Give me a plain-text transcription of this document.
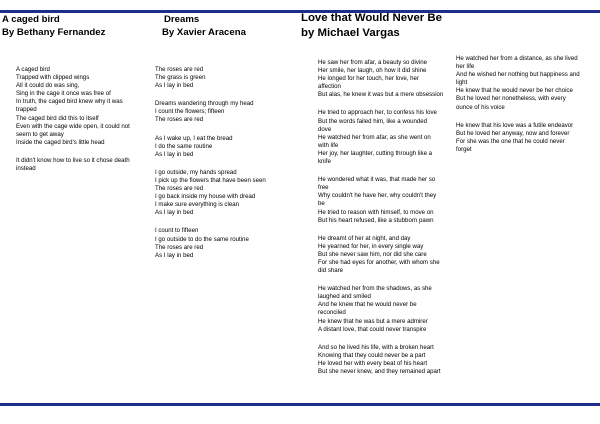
A caged bird
By Bethany Fernandez
A caged bird
Trapped with clipped wings
All it could do was sing,
Sing in the cage it once was free of
In truth, the caged bird knew why it was
trapped
The caged bird did this to itself
Even with the cage wide open, it could not
seem to get away
Inside the caged bird's little head
It didn't know how to live so it chose death
instead
Dreams
By Xavier Aracena
The roses are red
The grass is green
As I lay in bed
Dreams wandering through my head
I count the flowers; fifteen
The roses are red
As I wake up, I eat the bread
I do the same routine
As I lay in bed
I go outside, my hands spread
I pick up the flowers that have been seen
The roses are red
I go back inside my house with dread
I make sure everything is clean
As I lay in bed
I count to fifteen
I go outside to do the same routine
The roses are red
As I lay in bed
Love that Would Never Be
by Michael Vargas
He saw her from afar, a beauty so divine
Her smile, her laugh, oh how it did shine
He longed for her touch, her love, her
affection
But alas, he knew it was but a mere obsession
He tried to approach her, to confess his love
But the words failed him, like a wounded
dove
He watched her from afar, as she went on
with life
Her joy, her laughter, cutting through like a
knife
He wondered what it was, that made her so
free
Why couldn't he have her, why couldn't they
be
He tried to reason with himself, to move on
But his heart refused, like a stubborn pawn
He dreamt of her at night, and day
He yearned for her, in every single way
But she never saw him, nor did she care
For she had eyes for another, with whom she
did share
He watched her from the shadows, as she
laughed and smiled
And he knew that he would never be
reconciled
He knew that he was but a mere admirer
A distant love, that could never transpire
And so he lived his life, with a broken heart
Knowing that they could never be a part
He loved her with every beat of his heart
But she never knew, and they remained apart
He watched her from a distance, as she lived
her life
And he wished her nothing but happiness and
light
He knew that he would never be her choice
But he loved her nonetheless, with every
ounce of his voice
He knew that his love was a futile endeavor
But he loved her anyway, now and forever
For she was the one that he could never
forget
